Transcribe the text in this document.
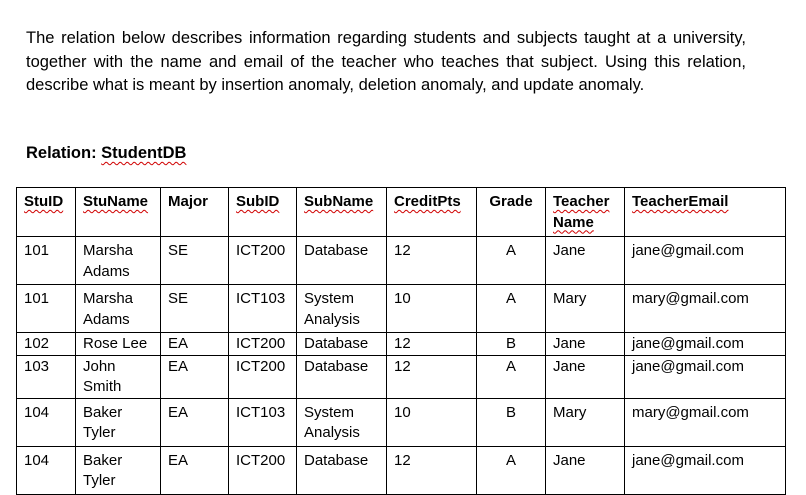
The relation below describes information regarding students and subjects taught at a university, together with the name and email of the teacher who teaches that subject. Using this relation, describe what is meant by insertion anomaly, deletion anomaly, and update anomaly.

Relation: StudentDB

StuID	StuName	Major	SubID	SubName	CreditPts	Grade	Teacher Name	TeacherEmail
101	Marsha Adams	SE	ICT200	Database	12	A	Jane	jane@gmail.com
101	Marsha Adams	SE	ICT103	System Analysis	10	A	Mary	mary@gmail.com
102	Rose Lee	EA	ICT200	Database	12	B	Jane	jane@gmail.com
103	John Smith	EA	ICT200	Database	12	A	Jane	jane@gmail.com
104	Baker Tyler	EA	ICT103	System Analysis	10	B	Mary	mary@gmail.com
104	Baker Tyler	EA	ICT200	Database	12	A	Jane	jane@gmail.com
